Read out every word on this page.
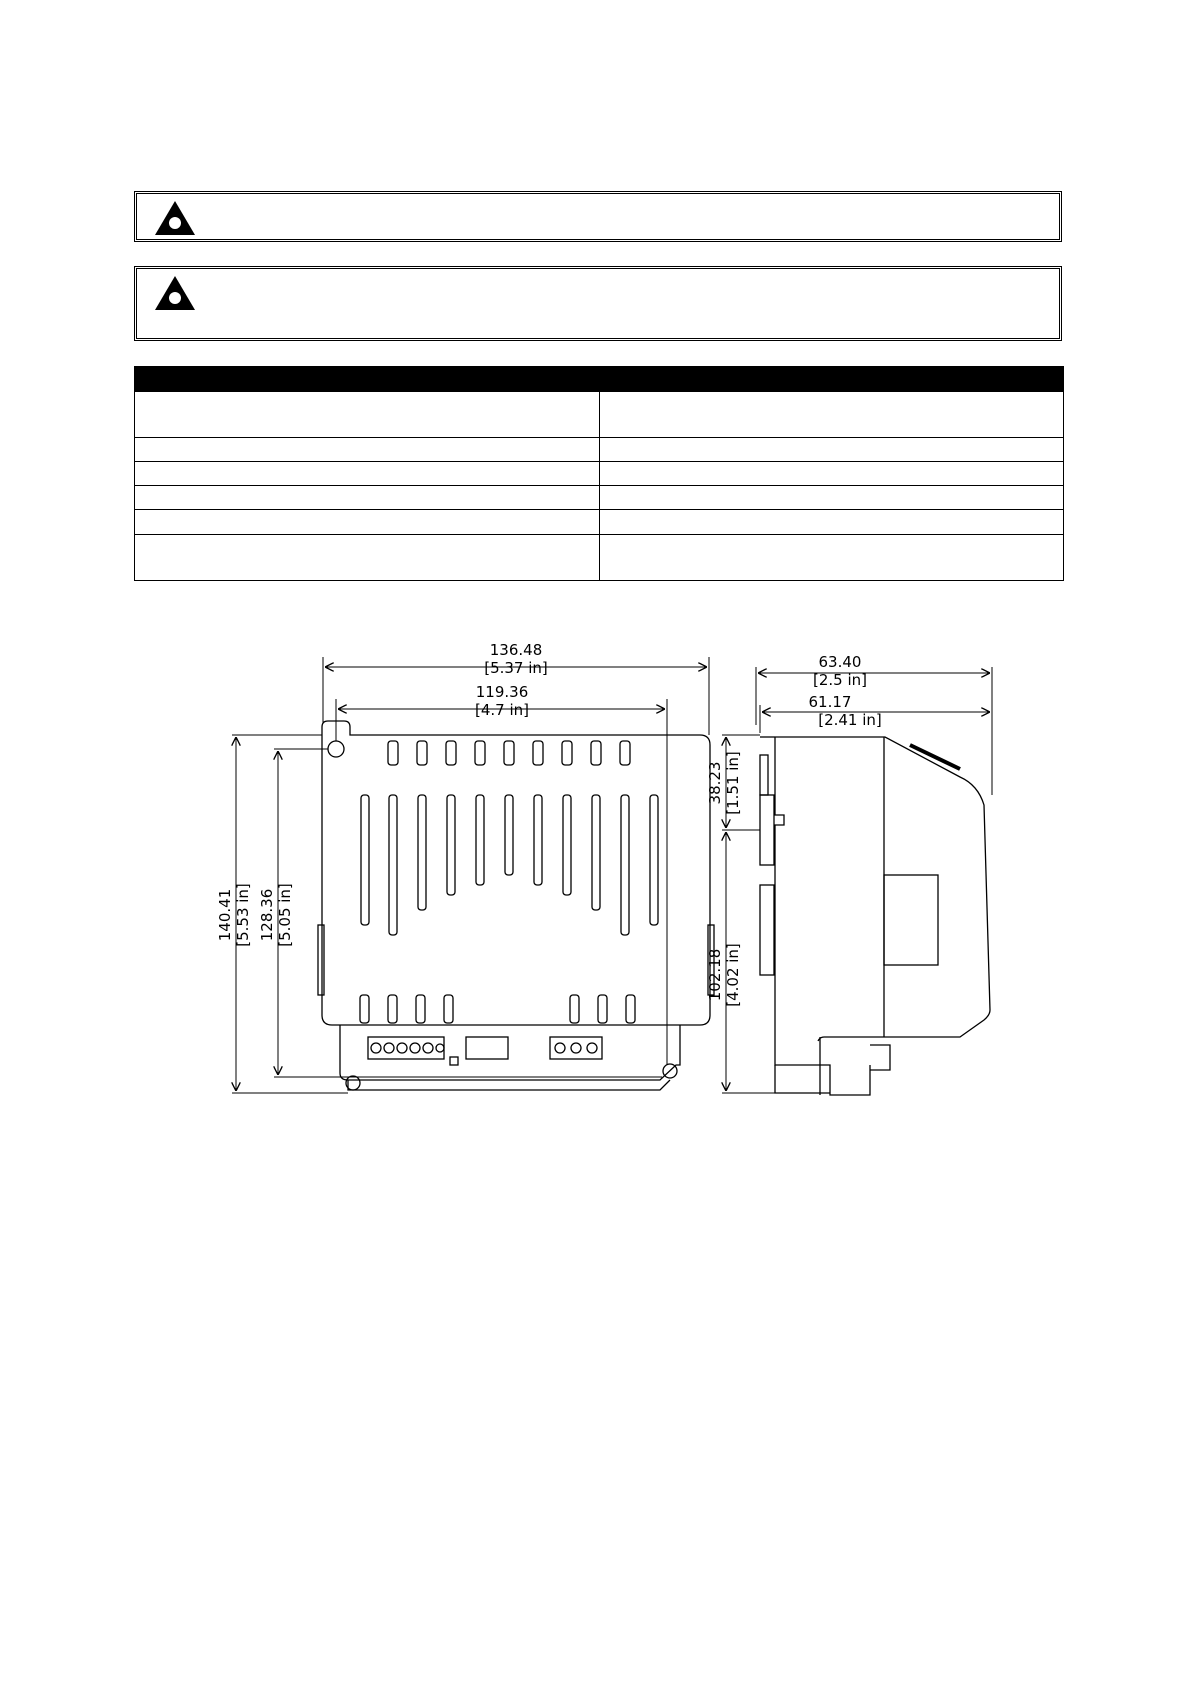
136.48
[5.37 in]
119.36
[4.7 in]
140.41 [5.53 in] 128.36 [5.05 in]
63.40
[2.5 in]
61.17
[2.41 in]
38.23 [1.51 in]
102.18 [4.02 in]
